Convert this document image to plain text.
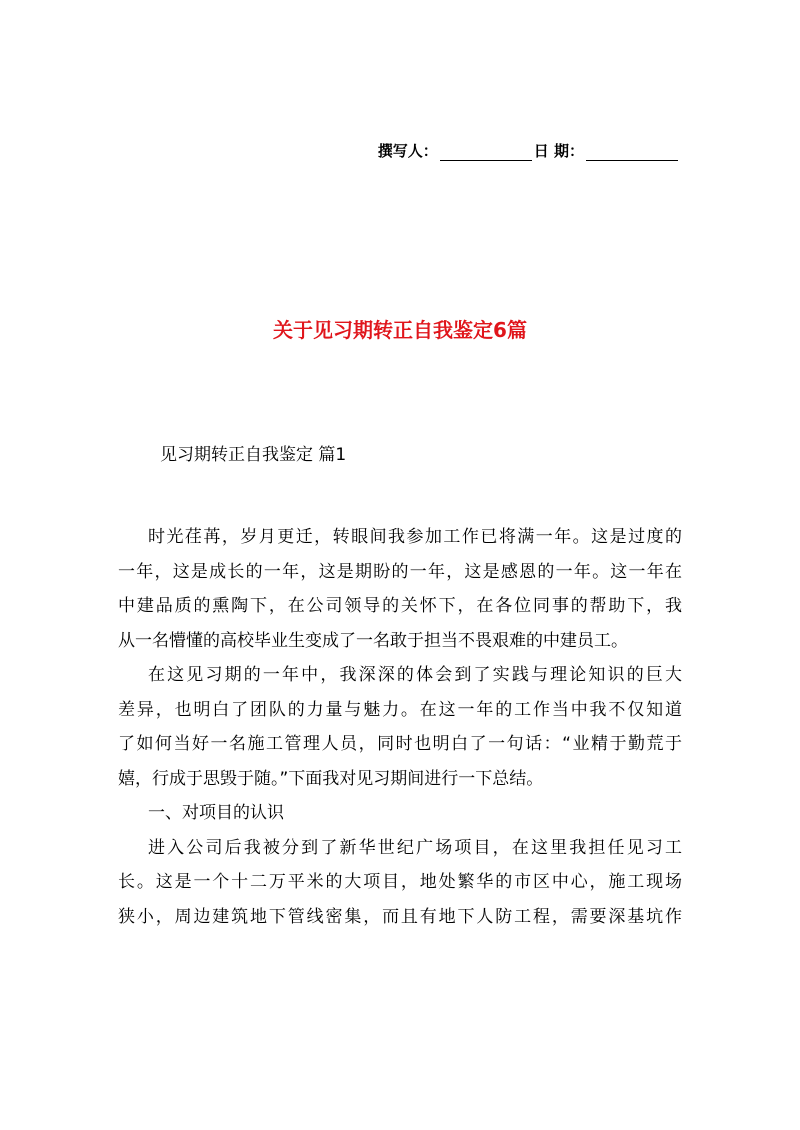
撰写人：	日 期：
关于见习期转正自我鉴定6篇
见习期转正自我鉴定 篇1
时光荏苒，岁月更迁，转眼间我参加工作已将满一年。这是过度的
一年，这是成长的一年，这是期盼的一年，这是感恩的一年。这一年在
中建品质的熏陶下，在公司领导的关怀下，在各位同事的帮助下，我
从一名懵懂的高校毕业生变成了一名敢于担当不畏艰难的中建员工。
在这见习期的一年中，我深深的体会到了实践与理论知识的巨大
差异，也明白了团队的力量与魅力。在这一年的工作当中我不仅知道
了如何当好一名施工管理人员，同时也明白了一句话：“业精于勤荒于
嬉，行成于思毁于随。”下面我对见习期间进行一下总结。
一、对项目的认识
进入公司后我被分到了新华世纪广场项目，在这里我担任见习工
长。这是一个十二万平米的大项目，地处繁华的市区中心，施工现场
狭小，周边建筑地下管线密集，而且有地下人防工程，需要深基坑作
